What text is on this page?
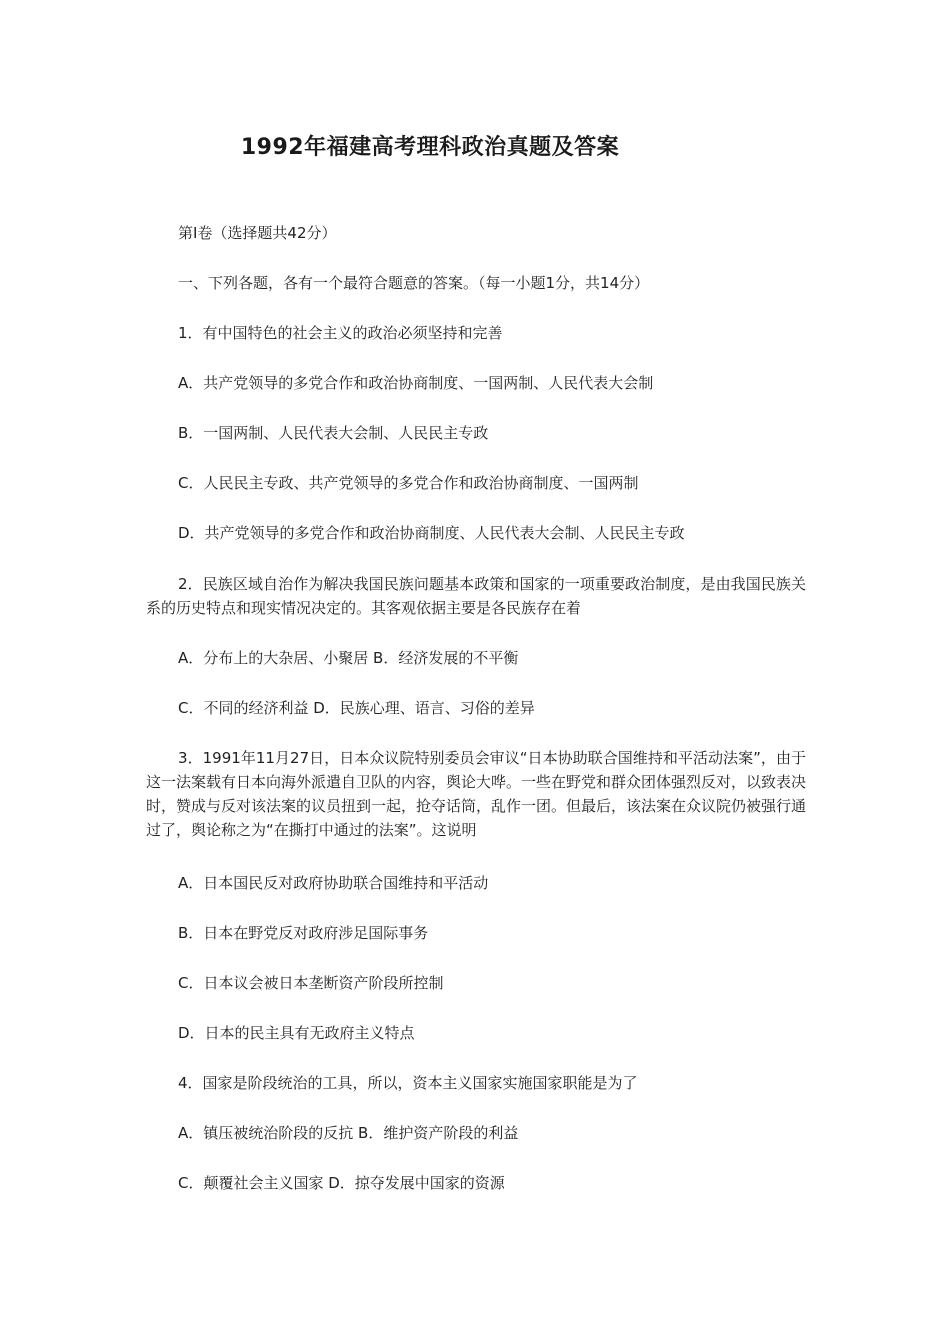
1992年福建高考理科政治真题及答案
第I卷（选择题共42分）
一、下列各题，各有一个最符合题意的答案。（每一小题1分，共14分）
1．有中国特色的社会主义的政治必须坚持和完善
A．共产党领导的多党合作和政治协商制度、一国两制、人民代表大会制
B．一国两制、人民代表大会制、人民民主专政
C．人民民主专政、共产党领导的多党合作和政治协商制度、一国两制
D．共产党领导的多党合作和政治协商制度、人民代表大会制、人民民主专政
2．民族区域自治作为解决我国民族问题基本政策和国家的一项重要政治制度，是由我国民族关系的历史特点和现实情况决定的。其客观依据主要是各民族存在着
A．分布上的大杂居、小聚居 B．经济发展的不平衡
C．不同的经济利益 D．民族心理、语言、习俗的差异
3．1991年11月27日，日本众议院特别委员会审议“日本协助联合国维持和平活动法案”，由于这一法案载有日本向海外派遣自卫队的内容，舆论大哗。一些在野党和群众团体强烈反对，以致表决时，赞成与反对该法案的议员扭到一起，抢夺话筒，乱作一团。但最后，该法案在众议院仍被强行通过了，舆论称之为“在撕打中通过的法案”。这说明
A．日本国民反对政府协助联合国维持和平活动
B．日本在野党反对政府涉足国际事务
C．日本议会被日本垄断资产阶段所控制
D．日本的民主具有无政府主义特点
4．国家是阶段统治的工具，所以，资本主义国家实施国家职能是为了
A．镇压被统治阶段的反抗 B．维护资产阶段的利益
C．颠覆社会主义国家 D．掠夺发展中国家的资源
